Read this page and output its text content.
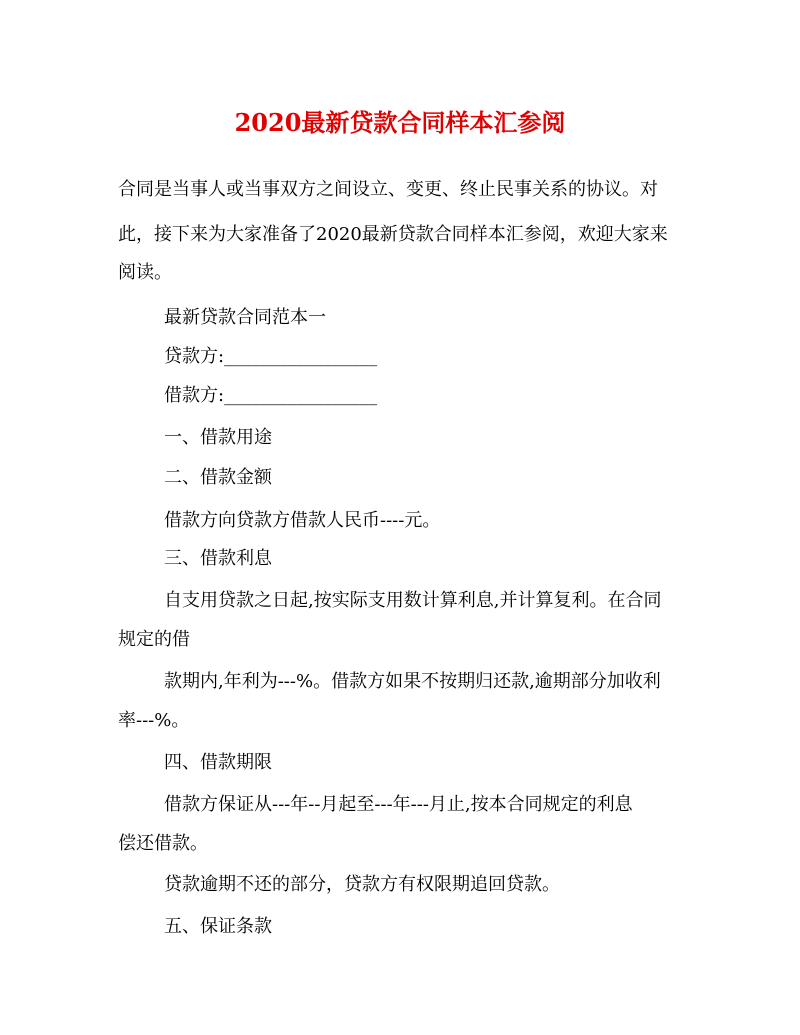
2020最新贷款合同样本汇参阅
合同是当事人或当事双方之间设立、变更、终止民事关系的协议。对
此，接下来为大家准备了2020最新贷款合同样本汇参阅，欢迎大家来
阅读。
最新贷款合同范本一
贷款方:_________________
借款方:_________________
一、借款用途
二、借款金额
借款方向贷款方借款人民币----元。
三、借款利息
自支用贷款之日起,按实际支用数计算利息,并计算复利。在合同
规定的借
款期内,年利为---%。借款方如果不按期归还款,逾期部分加收利
率---%。
四、借款期限
借款方保证从---年--月起至---年---月止,按本合同规定的利息
偿还借款。
贷款逾期不还的部分，贷款方有权限期追回贷款。
五、保证条款
